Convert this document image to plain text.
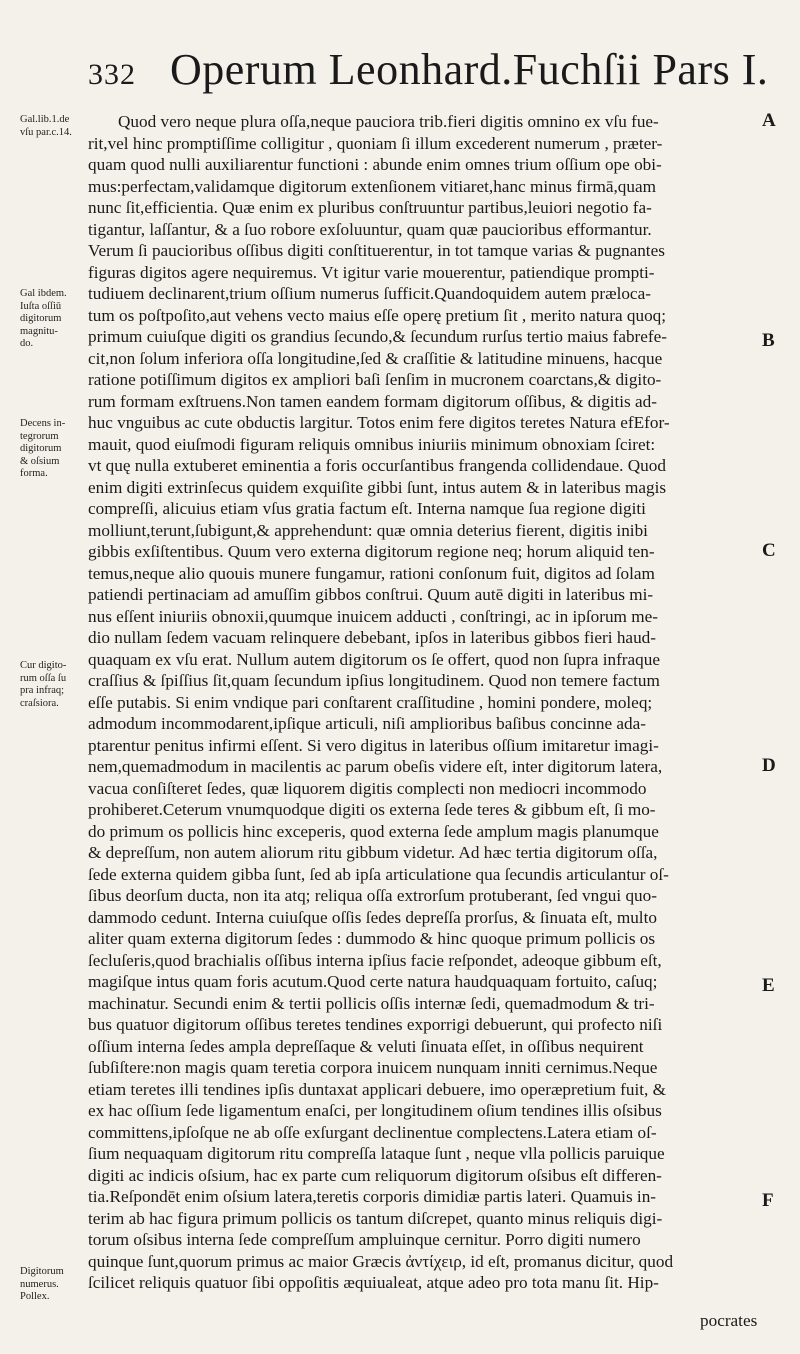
332 Operum Leonhard.Fuchſii Pars I.
Gal.lib.1.de
vſu par.c.14.
Gal ibdem.
Iuſta oſſiū
digitorum
magnitu-
do.
Decens in-
tegrorum
digitorum
& oſsium
forma.
Cur digito-
rum oſſa ſu
pra infraq;
craſsiora.
Digitorum
numerus.
Pollex.
A
B
C
D
E
F
Quod vero neque plura oſſa,neque pauciora trib.fieri digitis omnino ex vſu fue-
rit,vel hinc promptiſſime colligitur , quoniam ſi illum excederent numerum , præter-
quam quod nulli auxiliarentur functioni : abunde enim omnes trium oſſium ope obi-
mus:perfectam,validamque digitorum extenſionem vitiaret,hanc minus firmā,quam
nunc ſit,efficientia. Quæ enim ex pluribus conſtruuntur partibus,leuiori negotio fa-
tigantur, laſſantur, & a ſuo robore exſoluuntur, quam quæ paucioribus efformantur.
Verum ſi paucioribus oſſibus digiti conſtituerentur, in tot tamque varias & pugnantes
figuras digitos agere nequiremus. Vt igitur varie mouerentur, patiendique prompti-
tudiuem declinarent,trium oſſium numerus ſufficit.Quandoquidem autem præloca-
tum os poſtpoſito,aut vehens vecto maius eſſe operę pretium ſit , merito natura quoq;
primum cuiuſque digiti os grandius ſecundo,& ſecundum rurſus tertio maius fabrefe-
cit,non ſolum inferiora oſſa longitudine,ſed & craſſitie & latitudine minuens, hacque
ratione potiſſimum digitos ex ampliori baſi ſenſim in mucronem coarctans,& digito-
rum formam exſtruens.Non tamen eandem formam digitorum oſſibus, & digitis ad-
huc vnguibus ac cute obductis largitur. Totos enim fere digitos teretes Natura efEfor-
mauit, quod eiuſmodi figuram reliquis omnibus iniuriis minimum obnoxiam ſciret:
vt quę nulla extuberet eminentia a foris occurſantibus frangenda collidendaue. Quod
enim digiti extrinſecus quidem exquiſite gibbi ſunt, intus autem & in lateribus magis
compreſſi, alicuius etiam vſus gratia factum eſt. Interna namque ſua regione digiti
molliunt,terunt,ſubigunt,& apprehendunt: quæ omnia deterius fierent, digitis inibi
gibbis exſiſtentibus. Quum vero externa digitorum regione neq; horum aliquid ten-
temus,neque alio quouis munere fungamur, rationi conſonum fuit, digitos ad ſolam
patiendi pertinaciam ad amuſſim gibbos conſtrui. Quum autē digiti in lateribus mi-
nus eſſent iniuriis obnoxii,quumque inuicem adducti , conſtringi, ac in ipſorum me-
dio nullam ſedem vacuam relinquere debebant, ipſos in lateribus gibbos fieri haud-
quaquam ex vſu erat. Nullum autem digitorum os ſe offert, quod non ſupra infraque
craſſius & ſpiſſius ſit,quam ſecundum ipſius longitudinem. Quod non temere factum
eſſe putabis. Si enim vndique pari conſtarent craſſitudine , homini pondere, moleq;
admodum incommodarent,ipſique articuli, niſi amplioribus baſibus concinne ada-
ptarentur penitus infirmi eſſent. Si vero digitus in lateribus oſſium imitaretur imagi-
nem,quemadmodum in macilentis ac parum obeſis videre eſt, inter digitorum latera,
vacua conſiſteret ſedes, quæ liquorem digitis complecti non mediocri incommodo
prohiberet.Ceterum vnumquodque digiti os externa ſede teres & gibbum eſt, ſi mo-
do primum os pollicis hinc exceperis, quod externa ſede amplum magis planumque
& depreſſum, non autem aliorum ritu gibbum videtur. Ad hæc tertia digitorum oſſa,
ſede externa quidem gibba ſunt, ſed ab ipſa articulatione qua ſecundis articulantur oſ-
ſibus deorſum ducta, non ita atq; reliqua oſſa extrorſum protuberant, ſed vngui quo-
dammodo cedunt. Interna cuiuſque oſſis ſedes depreſſa prorſus, & ſinuata eſt, multo
aliter quam externa digitorum ſedes : dummodo & hinc quoque primum pollicis os
ſecluſeris,quod brachialis oſſibus interna ipſius facie reſpondet, adeoque gibbum eſt,
magiſque intus quam foris acutum.Quod certe natura haudquaquam fortuito, caſuq;
machinatur. Secundi enim & tertii pollicis oſſis internæ ſedi, quemadmodum & tri-
bus quatuor digitorum oſſibus teretes tendines exporrigi debuerunt, qui profecto niſi
oſſium interna ſedes ampla depreſſaque & veluti ſinuata eſſet, in oſſibus nequirent
ſubſiſtere:non magis quam teretia corpora inuicem nunquam inniti cernimus.Neque
etiam teretes illi tendines ipſis duntaxat applicari debuere, imo operæpretium fuit, &
ex hac oſſium ſede ligamentum enaſci, per longitudinem oſium tendines illis oſsibus
committens,ipſoſque ne ab oſſe exſurgant declinentue complectens.Latera etiam oſ-
ſium nequaquam digitorum ritu compreſſa lataque ſunt , neque vlla pollicis paruique
digiti ac indicis oſsium, hac ex parte cum reliquorum digitorum oſsibus eſt differen-
tia.Reſpondēt enim oſsium latera,teretis corporis dimidiæ partis lateri. Quamuis in-
terim ab hac figura primum pollicis os tantum diſcrepet, quanto minus reliquis digi-
torum oſsibus interna ſede compreſſum ampluinque cernitur. Porro digiti numero
quinque ſunt,quorum primus ac maior Græcis ἀντίχειρ, id eſt, promanus dicitur, quod
ſcilicet reliquis quatuor ſibi oppoſitis æquiualeat, atque adeo pro tota manu ſit. Hip-
pocrates
